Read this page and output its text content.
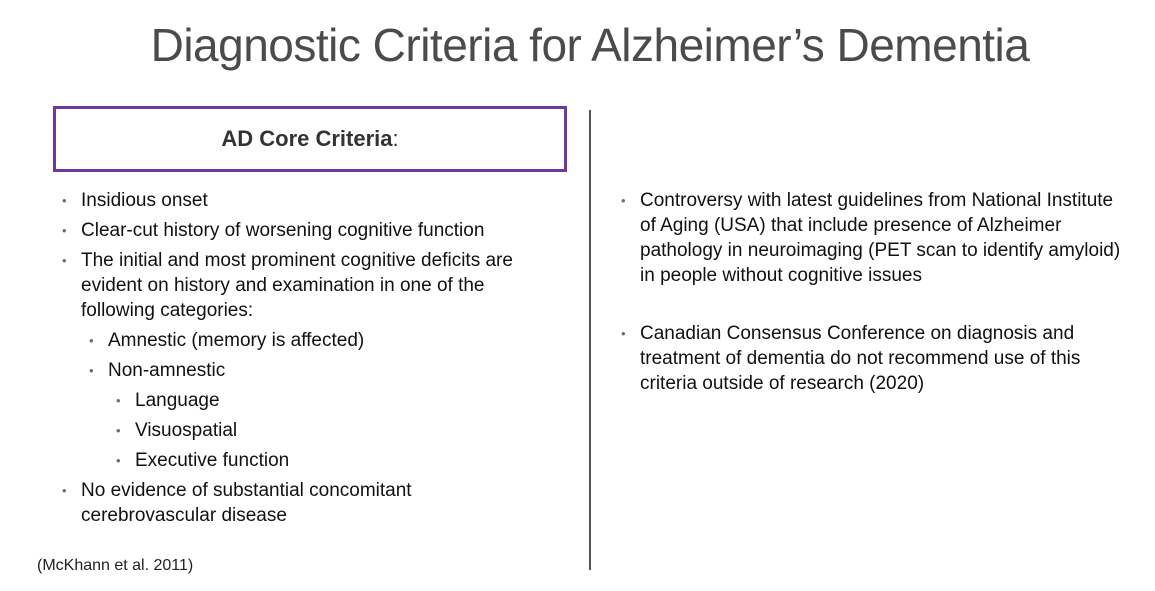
Diagnostic Criteria for Alzheimer’s Dementia
AD Core Criteria :
• Insidious onset
• Clear-cut history of worsening cognitive function
• The initial and most prominent cognitive deficits are evident on history and examination in one of the following categories:
• Amnestic (memory is affected)
• Non-amnestic
• Language
• Visuospatial
• Executive function
• No evidence of substantial concomitant cerebrovascular disease
• Controversy with latest guidelines from National Institute of Aging (USA) that include presence of Alzheimer pathology in neuroimaging (PET scan to identify amyloid) in people without cognitive issues
• Canadian Consensus Conference on diagnosis and treatment of dementia do not recommend use of this criteria outside of research (2020)
(McKhann et al. 2011)
